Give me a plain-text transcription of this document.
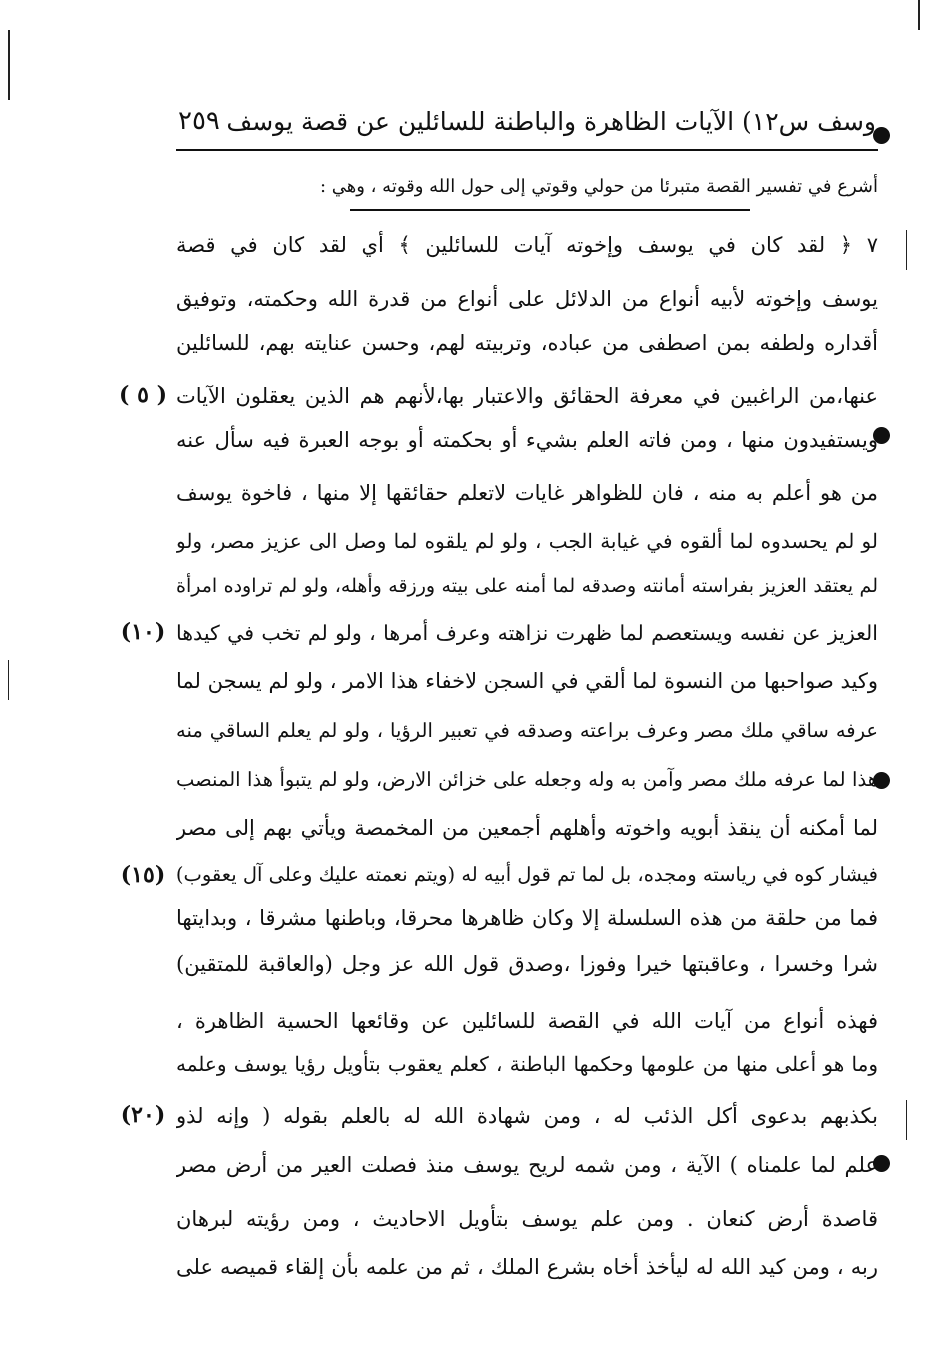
وسف س١٢) الآيات الظاهرة والباطنة للسائلين عن قصة يوسف
٢٥٩
أشرع في تفسير القصة متبرئا من حولي وقوتي إلى حول الله وقوته ، وهي :
٧ ﴿ لقد كان في يوسف وإخوته آيات للسائلين ﴾ أي لقد كان في قصة
يوسف وإخوته لأبيه أنواع من الدلائل على أنواع من قدرة الله وحكمته، وتوفيق
أقداره ولطفه بمن اصطفى من عباده، وتربيته لهم، وحسن عنايته بهم، للسائلين
عنها،من الراغبين في معرفة الحقائق والاعتبار بها،لأنهم هم الذين يعقلون الآيات
ويستفيدون منها ، ومن فاته العلم بشيء أو بحكمته أو بوجه العبرة فيه سأل عنه
من هو أعلم به منه ، فان للظواهر غايات لاتعلم حقائقها إلا منها ، فاخوة يوسف
لو لم يحسدوه لما ألقوه في غيابة الجب ، ولو لم يلقوه لما وصل الى عزيز مصر، ولو
لم يعتقد العزيز بفراسته أمانته وصدقه لما أمنه على بيته ورزقه وأهله، ولو لم تراوده امرأة
العزيز عن نفسه ويستعصم لما ظهرت نزاهته وعرف أمرها ، ولو لم تخب في كيدها
وكيد صواحبها من النسوة لما ألقي في السجن لاخفاء هذا الامر ، ولو لم يسجن لما
عرفه ساقي ملك مصر وعرف براعته وصدقه في تعبير الرؤيا ، ولو لم يعلم الساقي منه
هذا لما عرفه ملك مصر وآمن به وله وجعله على خزائن الارض، ولو لم يتبوأ هذا المنصب
لما أمكنه أن ينقذ أبويه واخوته وأهلهم أجمعين من المخمصة ويأتي بهم إلى مصر
فيشار كوه في رياسته ومجده، بل لما تم قول أبيه له (ويتم نعمته عليك وعلى آل يعقوب)
فما من حلقة من هذه السلسلة إلا وكان ظاهرها محرقا، وباطنها مشرقا ، وبدايتها
شرا وخسرا ، وعاقبتها خيرا وفوزا ،وصدق قول الله عز وجل (والعاقبة للمتقين)
فهذه أنواع من آيات الله في القصة للسائلين عن وقائعها الحسية الظاهرة ،
وما هو أعلى منها من علومها وحكمها الباطنة ، كعلم يعقوب بتأويل رؤيا يوسف وعلمه
بكذبهم بدعوى أكل الذئب له ، ومن شهادة الله له بالعلم بقوله ( وإنه لذو
علم لما علمناه ) الآية ، ومن شمه لريح يوسف منذ فصلت العير من أرض مصر
قاصدة أرض كنعان . ومن علم يوسف بتأويل الاحاديث ، ومن رؤيته لبرهان
ربه ، ومن كيد الله له ليأخذ أخاه بشرع الملك ، ثم من علمه بأن إلقاء قميصه على
( ٥ )
(١٠)
(١٥)
(٢٠)
